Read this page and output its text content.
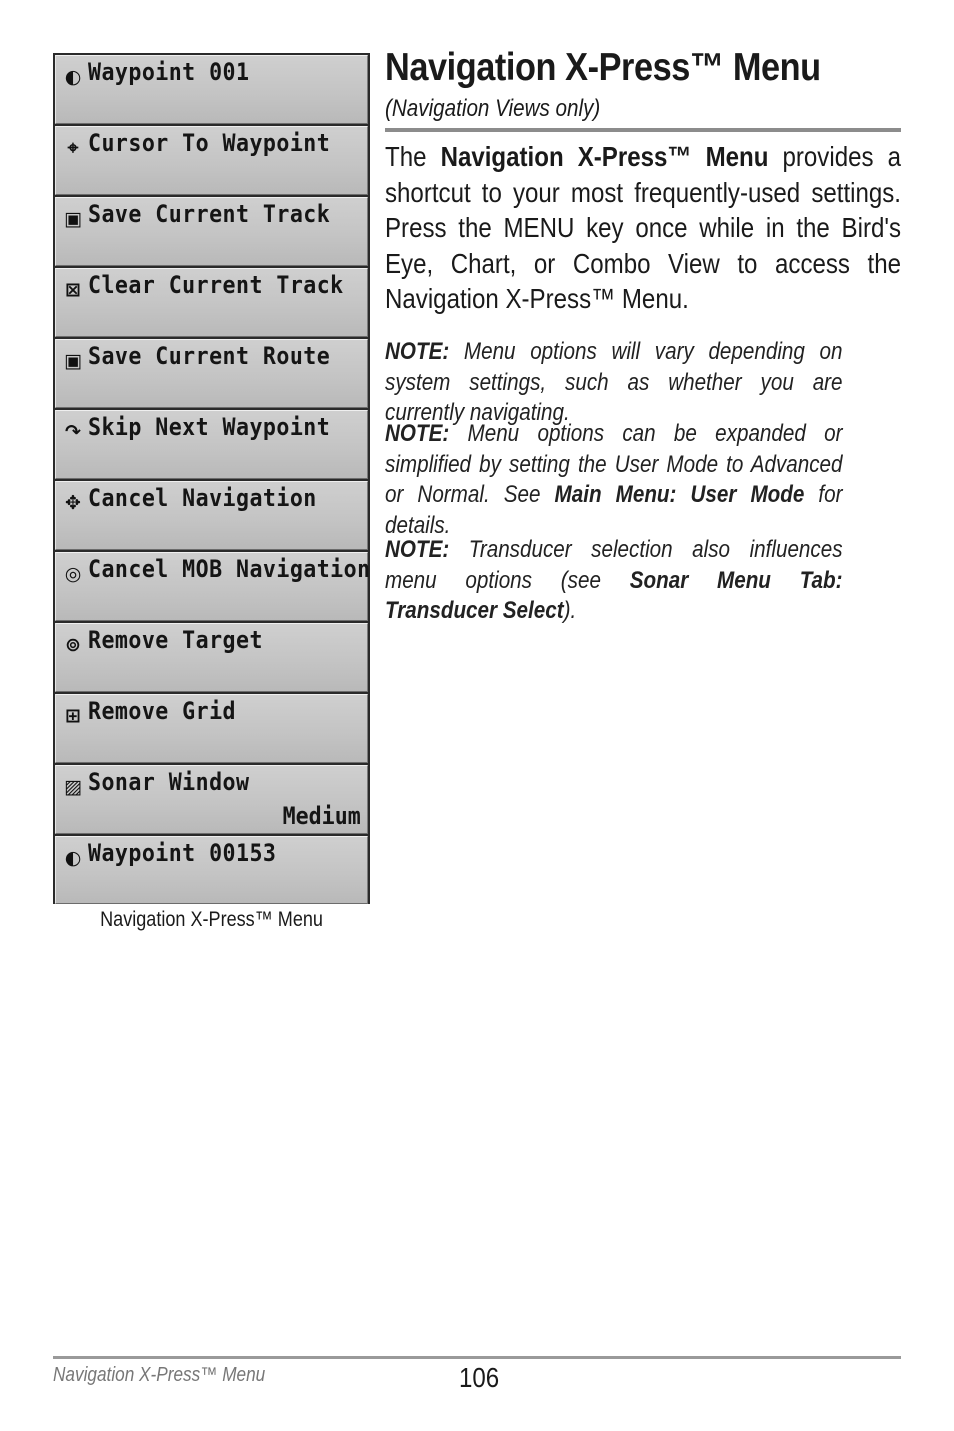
◐ Waypoint 001
⌖ Cursor To Waypoint
▣ Save Current Track
⊠ Clear Current Track
▣ Save Current Route
↷ Skip Next Waypoint
✥ Cancel Navigation
◎ Cancel MOB Navigation
⊚ Remove Target
⊞ Remove Grid
▨ Sonar Window
Medium
◐ Waypoint 00153
Navigation X-Press™ Menu
Navigation X-Press™ Menu
(Navigation Views only)
The Navigation X-Press™ Menu provides a shortcut to your most frequently-used settings. Press the MENU key once while in the Bird's Eye, Chart, or Combo View to access the Navigation X-Press™ Menu.
NOTE: Menu options will vary depending on system settings, such as whether you are currently navigating.
NOTE: Menu options can be expanded or simplified by setting the User Mode to Advanced or Normal. See Main Menu: User Mode for details.
NOTE: Transducer selection also influences menu options (see Sonar Menu Tab: Transducer Select).
Navigation X-Press™ Menu	106
